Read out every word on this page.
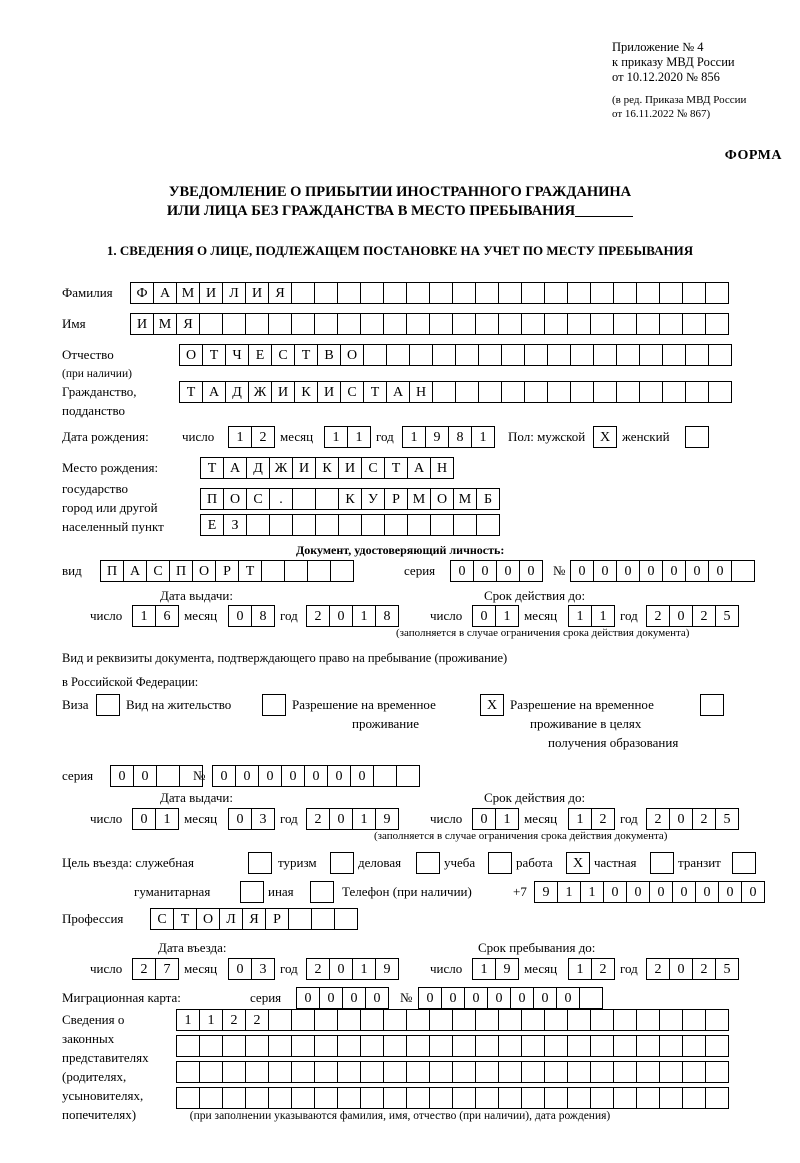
Приложение № 4
к приказу МВД России
от 10.12.2020 № 856
(в ред. Приказа МВД России
от 16.11.2022 № 867)
ФОРМА
УВЕДОМЛЕНИЕ О ПРИБЫТИИ ИНОСТРАННОГО ГРАЖДАНИНА
ИЛИ ЛИЦА БЕЗ ГРАЖДАНСТВА В МЕСТО ПРЕБЫВАНИЯ
1. СВЕДЕНИЯ О ЛИЦЕ, ПОДЛЕЖАЩЕМ ПОСТАНОВКЕ НА УЧЕТ ПО МЕСТУ ПРЕБЫВАНИЯ
Фамилия	Ф А М И Л И Я
Имя	И М Я
Отчество
(при наличии)
О Т	Ч	Е	С	Т	В О
Гражданство,
подданство
Т А Д Ж И К И С	Т А Н
Дата рождения:	число	1	2	месяц	1	1	год	1	9	8	1	Пол: мужской	X женский
Место рождения:
государство
город или другой
населенный пункт
Т А Д Ж И К И С	Т А Н
П О С	.	К У	Р М О М Б
Е	З
Документ, удостоверяющий личность:
вид	П А С П О	Р	Т	серия	0	0	0	0	№ 0	0	0	0	0	0	0
Дата выдачи:	Срок действия до:
число	1	6	месяц	0	8	год	2	0	1	8	число	0	1	месяц	1	1	год	2	0	2	5
(заполняется в случае ограничения срока действия документа)
Вид и реквизиты документа, подтверждающего право на пребывание (проживание)
в Российской Федерации:
Виза	Вид на жительство	Разрешение на временное
проживание
X Разрешение на временное
проживание в целях
получения образования
серия	0	0	№	0	0	0	0	0	0	0
Дата выдачи:	Срок действия до:
число	0	1	месяц	0	3	год	2	0	1	9	число	0	1	месяц	1	2	год	2	0	2	5
(заполняется в случае ограничения срока действия документа)
Цель въезда: служебная	туризм	деловая	учеба	работа	X частная	транзит
гуманитарная	иная	Телефон (при наличии)	+7	9	1	1	0	0	0	0	0	0	0
Профессия	С	Т О Л Я	Р
Дата въезда:	Срок пребывания до:
число	2	7	месяц	0	3	год	2	0	1	9	число	1	9	месяц	1	2	год	2	0	2	5
Миграционная карта:	серия	0	0	0	0	№	0	0	0	0	0	0	0
Сведения о
законных
представителях
(родителях,
усыновителях,
попечителях)
1	1	2	2
(при заполнении указываются фамилия, имя, отчество (при наличии), дата рождения)
